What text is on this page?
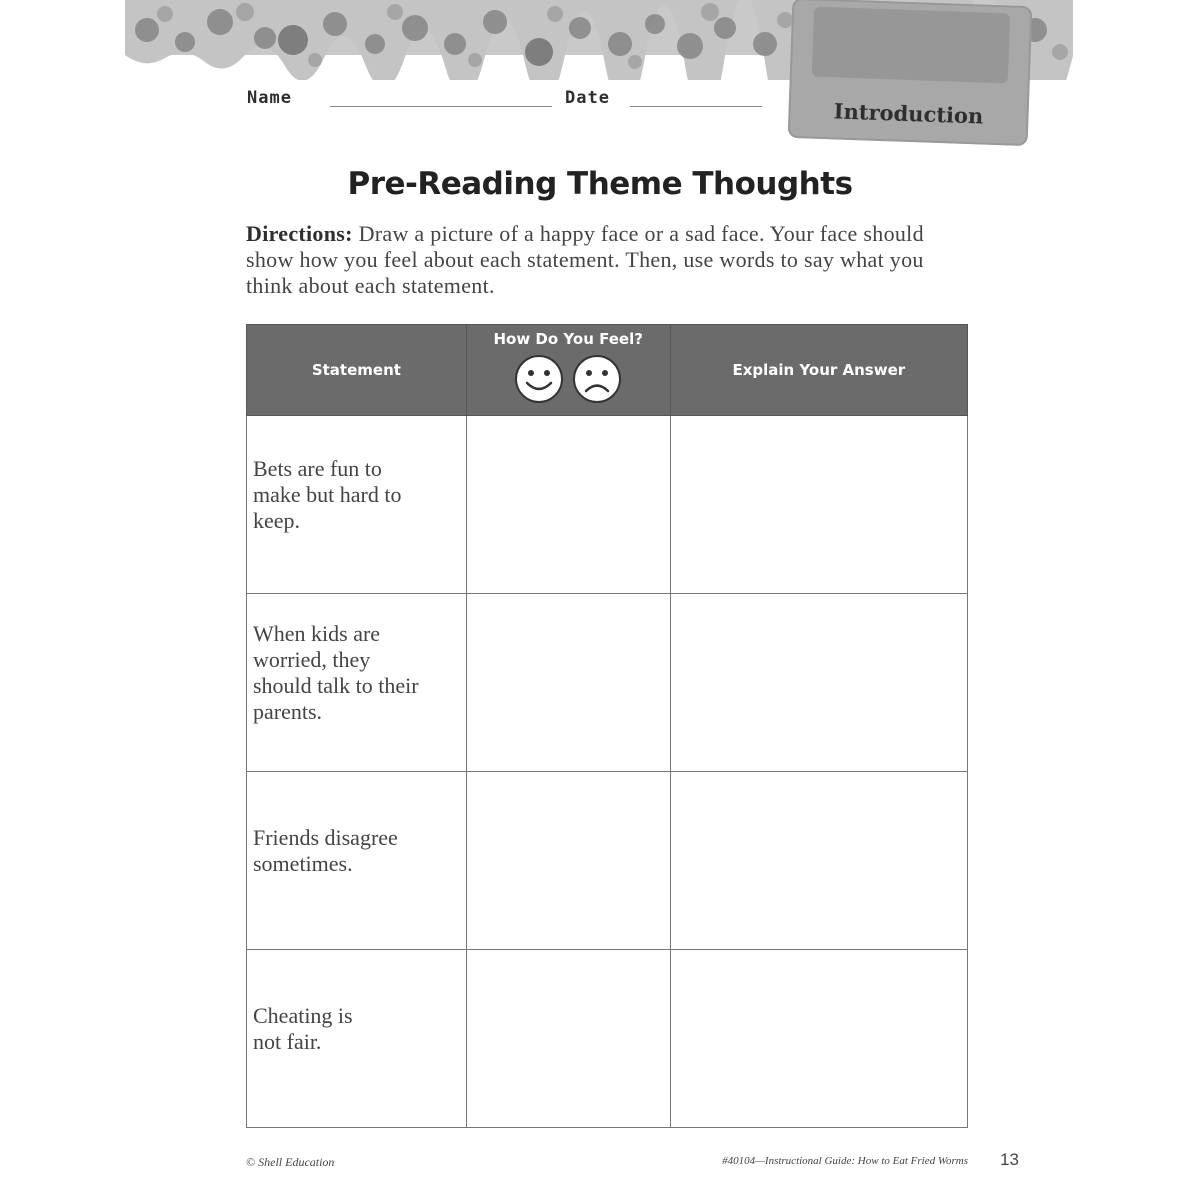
Introduction
Name	Date
Pre-Reading Theme Thoughts
Directions: Draw a picture of a happy face or a sad face. Your face should show how you feel about each statement. Then, use words to say what you think about each statement.
Statement	How Do You Feel?	Explain Your Answer

Bets are fun to make but hard to keep.		

When kids are worried, they should talk to their parents.		

Friends disagree sometimes.		

Cheating is not fair.		

© Shell Education	#40104—Instructional Guide: How to Eat Fried Worms 13
